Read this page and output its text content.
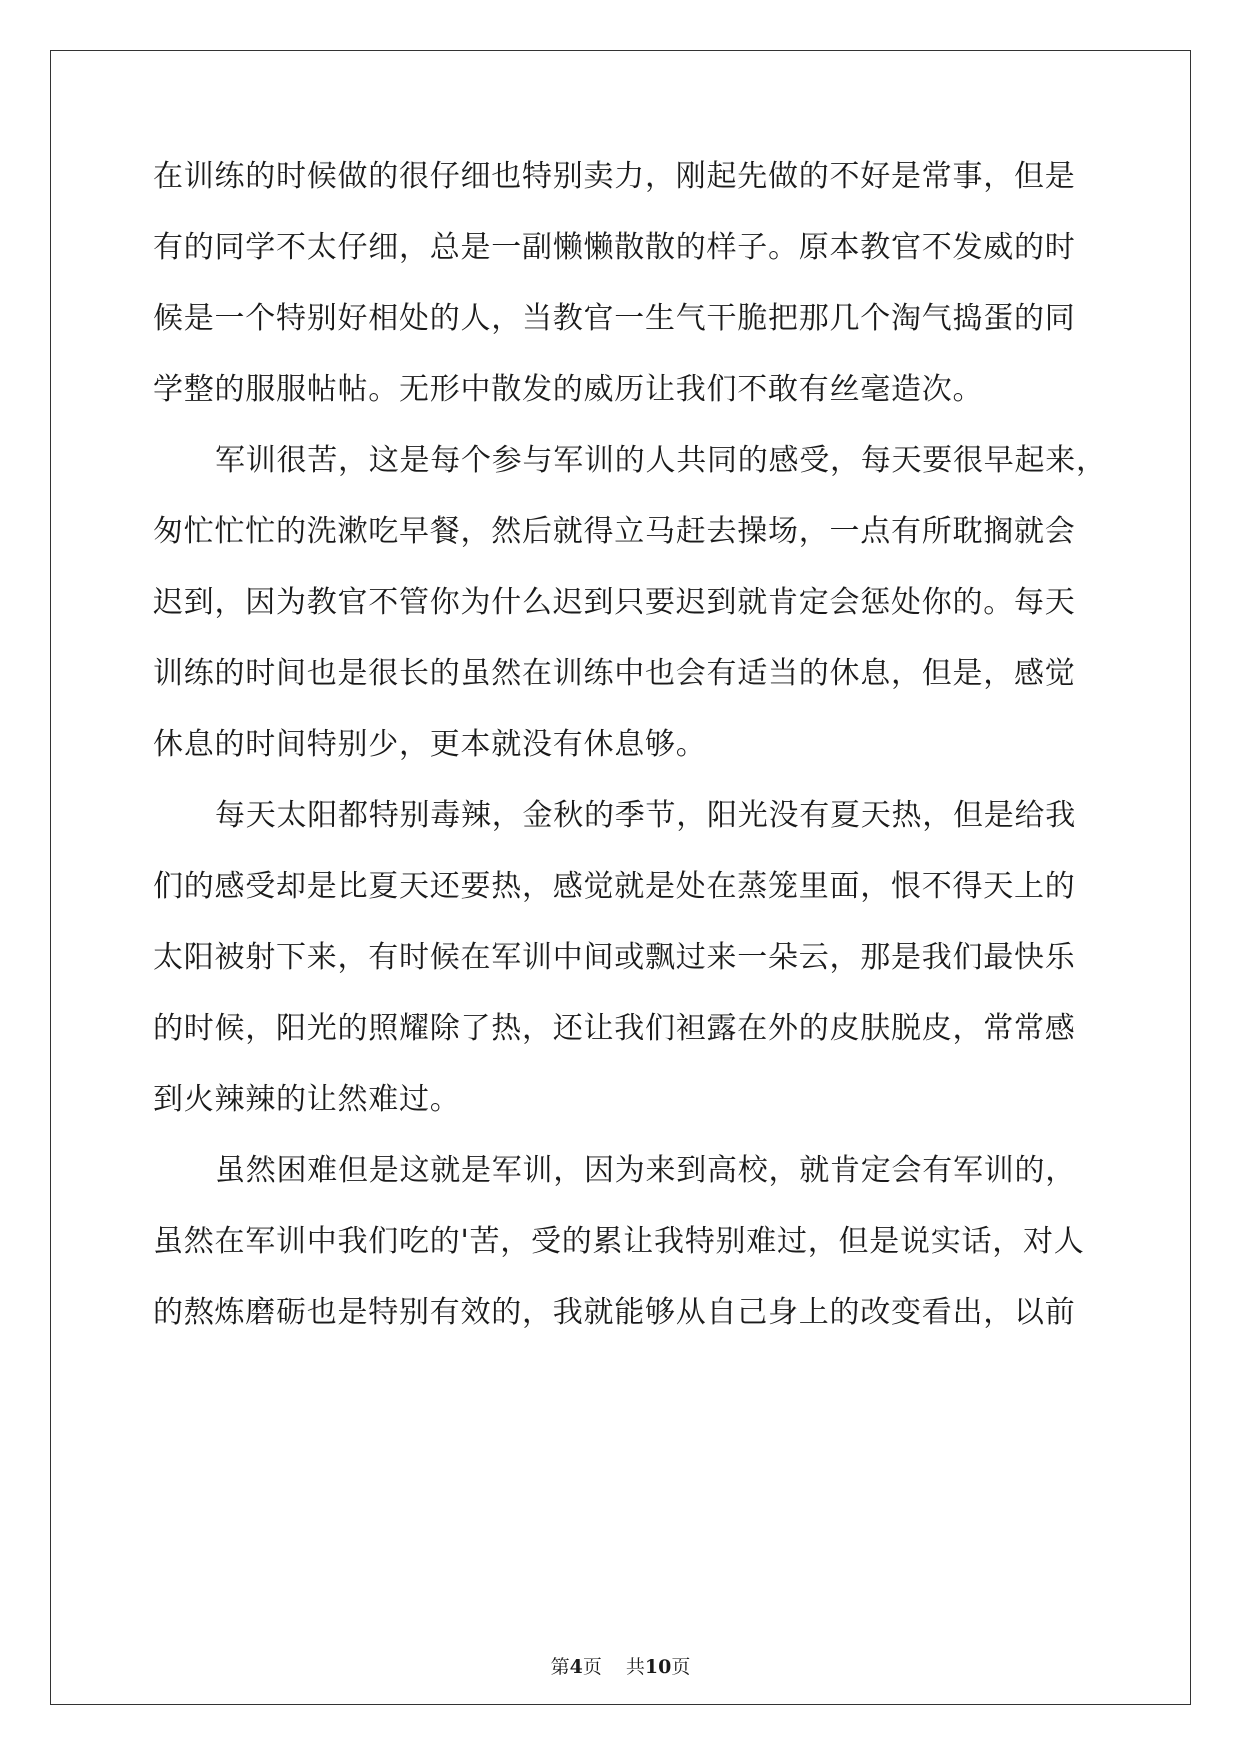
在训练的时候做的很仔细也特别卖力，刚起先做的不好是常事，但是
有的同学不太仔细，总是一副懒懒散散的样子。原本教官不发威的时
候是一个特别好相处的人，当教官一生气干脆把那几个淘气捣蛋的同
学整的服服帖帖。无形中散发的威历让我们不敢有丝毫造次。
军训很苦，这是每个参与军训的人共同的感受，每天要很早起来，
匆忙忙忙的洗漱吃早餐，然后就得立马赶去操场，一点有所耽搁就会
迟到，因为教官不管你为什么迟到只要迟到就肯定会惩处你的。每天
训练的时间也是很长的虽然在训练中也会有适当的休息，但是，感觉
休息的时间特别少，更本就没有休息够。
每天太阳都特别毒辣，金秋的季节，阳光没有夏天热，但是给我
们的感受却是比夏天还要热，感觉就是处在蒸笼里面，恨不得天上的
太阳被射下来，有时候在军训中间或飘过来一朵云，那是我们最快乐
的时候，阳光的照耀除了热，还让我们袒露在外的皮肤脱皮，常常感
到火辣辣的让然难过。
虽然困难但是这就是军训，因为来到高校，就肯定会有军训的，
虽然在军训中我们吃的'苦，受的累让我特别难过，但是说实话，对人
的熬炼磨砺也是特别有效的，我就能够从自己身上的改变看出，以前
第4页 共10页
